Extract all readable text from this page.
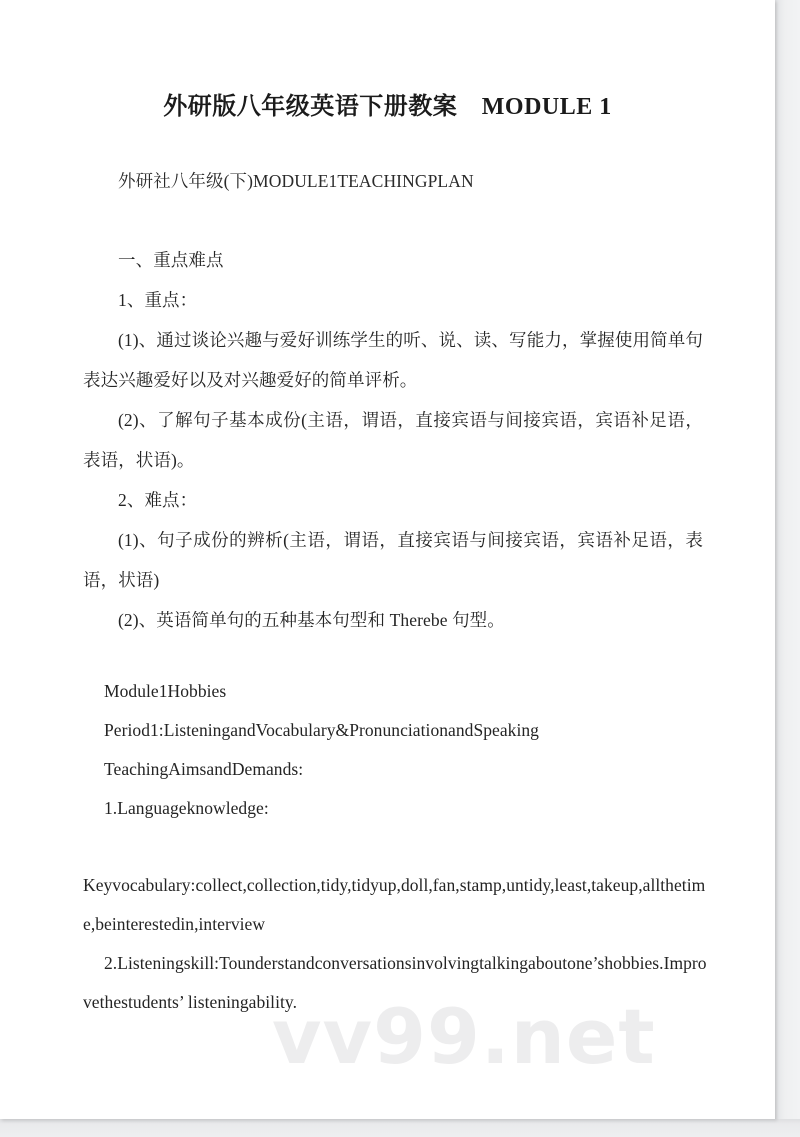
外研版八年级英语下册教案　MODULE 1
外研社八年级(下)MODULE1TEACHINGPLAN

一、重点难点

1、重点：

(1)、通过谈论兴趣与爱好训练学生的听、说、读、写能力，掌握使用简单句表达兴趣爱好以及对兴趣爱好的简单评析。

(2)、了解句子基本成份(主语，谓语，直接宾语与间接宾语，宾语补足语，表语，状语)。

2、难点：

(1)、句子成份的辨析(主语，谓语，直接宾语与间接宾语，宾语补足语，表语，状语)

(2)、英语简单句的五种基本句型和 Therebe 句型。

Module1Hobbies

Period1:ListeningandVocabulary&PronunciationandSpeaking

TeachingAimsandDemands:

1.Languageknowledge:

Keyvocabulary:collect,collection,tidy,tidyup,doll,fan,stamp,untidy,least,takeup,allthetime,beinterestedin,interview

2.Listeningskill:Tounderstandconversationsinvolvingtalkingaboutone’shobbies.Improvethestudents’ listeningability.

vv99.net
